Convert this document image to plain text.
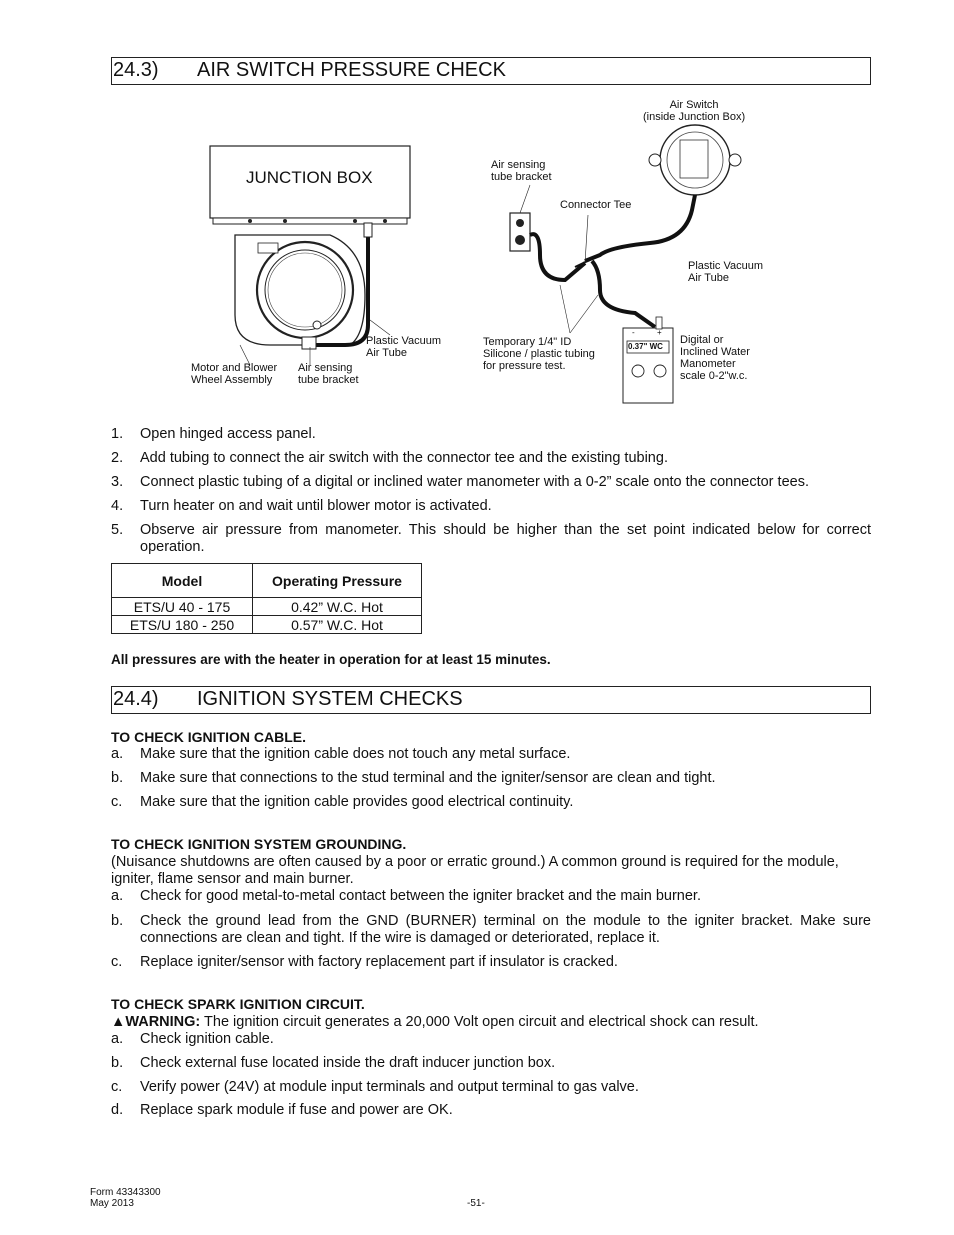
24.3) AIR SWITCH PRESSURE CHECK
JUNCTION BOX
Motor and Blower
Wheel Assembly
Air sensing
tube bracket
Plastic Vacuum
Air Tube
Air Switch
(inside Junction Box)
Air sensing
tube bracket
Connector Tee
Plastic Vacuum
Air Tube
Temporary 1/4" ID
Silicone / plastic tubing
for pressure test.
Digital or
Inclined Water
Manometer
scale 0-2"w.c.
0.37" WC
-	+
1.	Open hinged access panel.
2.	Add tubing to connect the air switch with the connector tee and the existing tubing.
3.	Connect plastic tubing of a digital or inclined water manometer with a 0-2” scale onto the connector tees.
4.	Turn heater on and wait until blower motor is activated.
5.	Observe air pressure from manometer. This should be higher than the set point indicated below for correct operation.
Model	Operating Pressure
ETS/U 40 - 175	0.42” W.C. Hot
ETS/U 180 - 250	0.57” W.C. Hot
All pressures are with the heater in operation for at least 15 minutes.
24.4) IGNITION SYSTEM CHECKS
TO CHECK IGNITION CABLE.
a.	Make sure that the ignition cable does not touch any metal surface.
b.	Make sure that connections to the stud terminal and the igniter/sensor are clean and tight.
c.	Make sure that the ignition cable provides good electrical continuity.
TO CHECK IGNITION SYSTEM GROUNDING.
(Nuisance shutdowns are often caused by a poor or erratic ground.) A common ground is required for the module, igniter, flame sensor and main burner.
a.	Check for good metal-to-metal contact between the igniter bracket and the main burner.
b.	Check the ground lead from the GND (BURNER) terminal on the module to the igniter bracket. Make sure connections are clean and tight. If the wire is damaged or deteriorated, replace it.
c.	Replace igniter/sensor with factory replacement part if insulator is cracked.
TO CHECK SPARK IGNITION CIRCUIT.
▲WARNING: The ignition circuit generates a 20,000 Volt open circuit and electrical shock can result.
a.	Check ignition cable.
b.	Check external fuse located inside the draft inducer junction box.
c.	Verify power (24V) at module input terminals and output terminal to gas valve.
d.	Replace spark module if fuse and power are OK.
Form 43343300
May 2013	-51-
